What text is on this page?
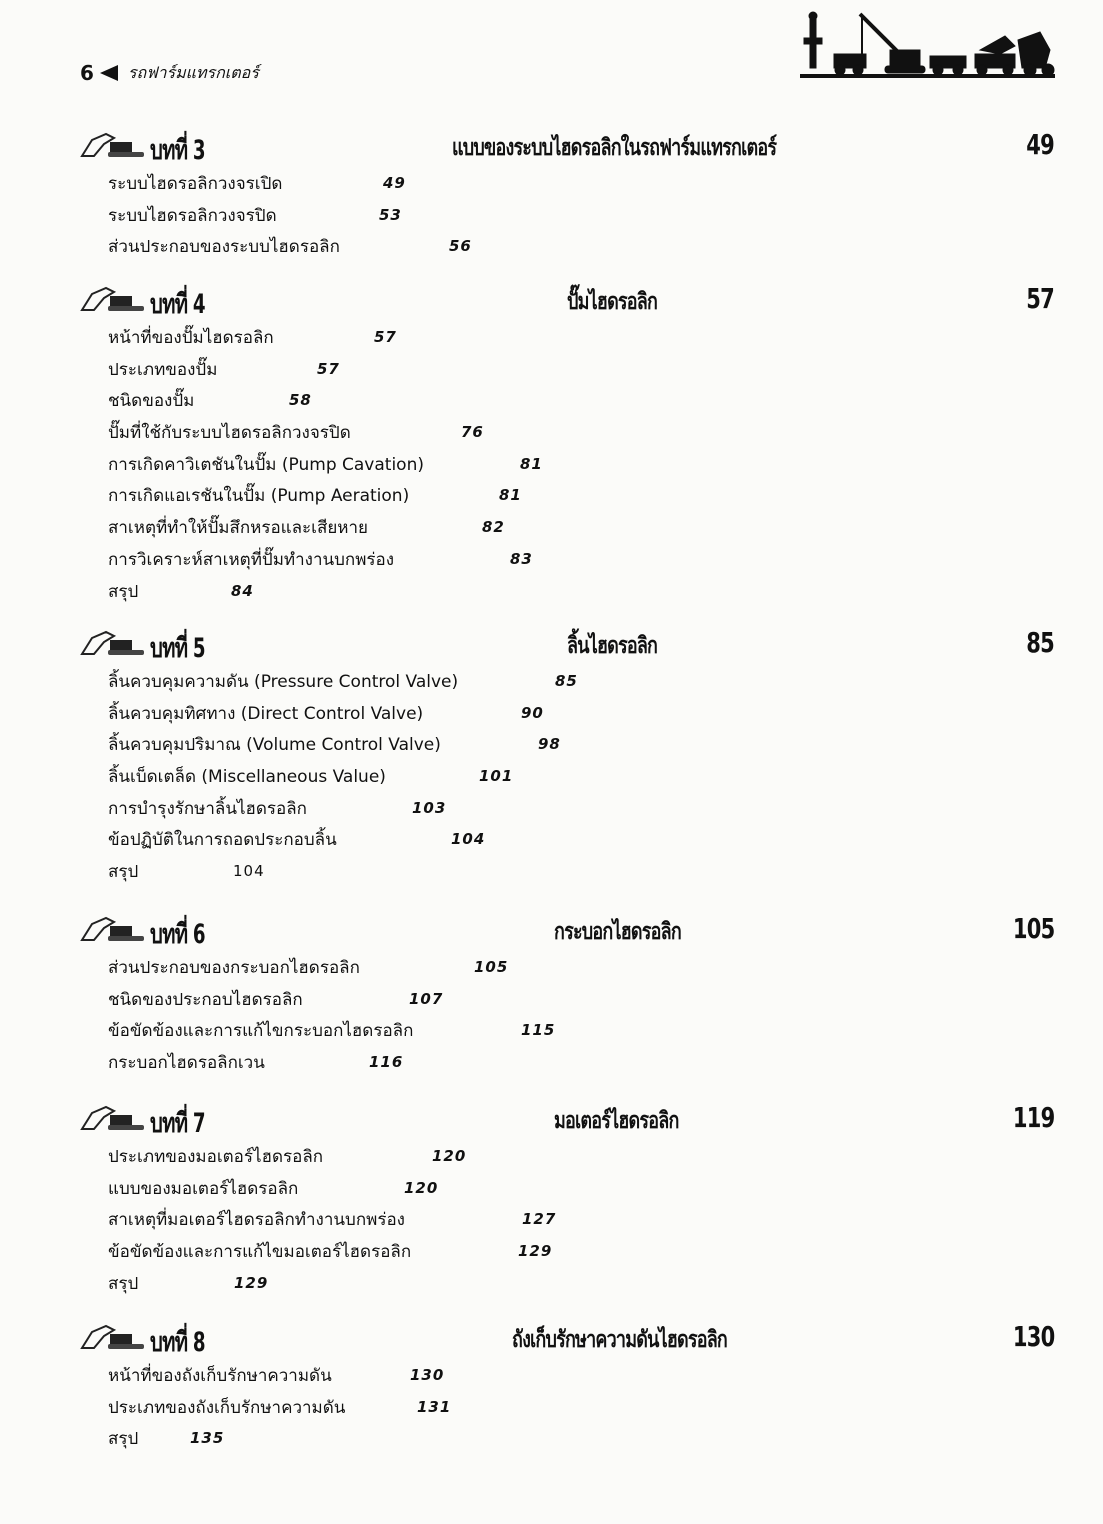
6 รถฟาร์มแทรกเตอร์
บทที่ 3	แบบของระบบไฮดรอลิกในรถฟาร์มแทรกเตอร์	49
ระบบไฮดรอลิกวงจรเปิด	49
ระบบไฮดรอลิกวงจรปิด	53
ส่วนประกอบของระบบไฮดรอลิก	56
บทที่ 4	ปั๊มไฮดรอลิก	57
หน้าที่ของปั๊มไฮดรอลิก	57
ประเภทของปั๊ม	57
ชนิดของปั๊ม	58
ปั๊มที่ใช้กับระบบไฮดรอลิกวงจรปิด	76
การเกิดคาวิเตชันในปั๊ม (Pump Cavation)	81
การเกิดแอเรชันในปั๊ม (Pump Aeration)	81
สาเหตุที่ทำให้ปั๊มสึกหรอและเสียหาย	82
การวิเคราะห์สาเหตุที่ปั๊มทำงานบกพร่อง	83
สรุป	84
บทที่ 5	ลิ้นไฮดรอลิก	85
ลิ้นควบคุมความดัน (Pressure Control Valve)	85
ลิ้นควบคุมทิศทาง (Direct Control Valve)	90
ลิ้นควบคุมปริมาณ (Volume Control Valve)	98
ลิ้นเบ็ดเตล็ด (Miscellaneous Value)	101
การบำรุงรักษาลิ้นไฮดรอลิก	103
ข้อปฏิบัติในการถอดประกอบลิ้น	104
สรุป	104
บทที่ 6	กระบอกไฮดรอลิก	105
ส่วนประกอบของกระบอกไฮดรอลิก	105
ชนิดของประกอบไฮดรอลิก	107
ข้อขัดข้องและการแก้ไขกระบอกไฮดรอลิก	115
กระบอกไฮดรอลิกเวน	116
บทที่ 7	มอเตอร์ไฮดรอลิก	119
ประเภทของมอเตอร์ไฮดรอลิก	120
แบบของมอเตอร์ไฮดรอลิก	120
สาเหตุที่มอเตอร์ไฮดรอลิกทำงานบกพร่อง	127
ข้อขัดข้องและการแก้ไขมอเตอร์ไฮดรอลิก	129
สรุป	129
บทที่ 8	ถังเก็บรักษาความดันไฮดรอลิก	130
หน้าที่ของถังเก็บรักษาความดัน	130
ประเภทของถังเก็บรักษาความดัน	131
สรุป	135
